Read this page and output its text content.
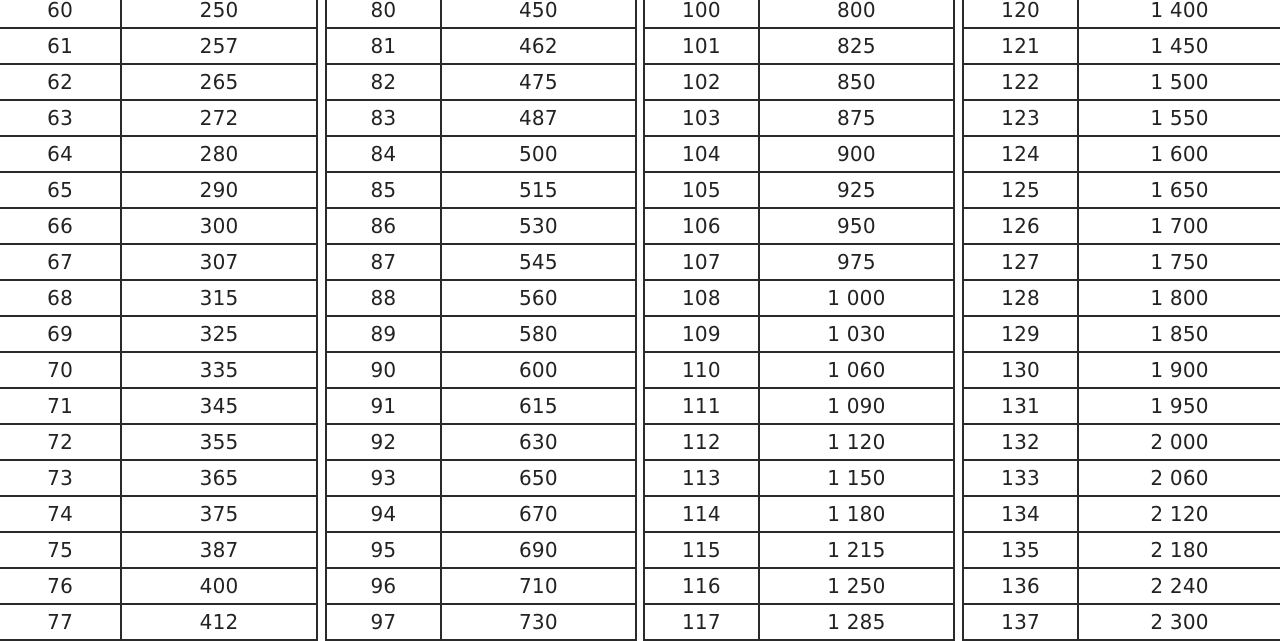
60	250
61	257
62	265
63	272
64	280
65	290
66	300
67	307
68	315
69	325
70	335
71	345
72	355
73	365
74	375
75	387
76	400
77	412
80	450
81	462
82	475
83	487
84	500
85	515
86	530
87	545
88	560
89	580
90	600
91	615
92	630
93	650
94	670
95	690
96	710
97	730
100	800
101	825
102	850
103	875
104	900
105	925
106	950
107	975
108	1 000
109	1 030
110	1 060
111	1 090
112	1 120
113	1 150
114	1 180
115	1 215
116	1 250
117	1 285
120	1 400
121	1 450
122	1 500
123	1 550
124	1 600
125	1 650
126	1 700
127	1 750
128	1 800
129	1 850
130	1 900
131	1 950
132	2 000
133	2 060
134	2 120
135	2 180
136	2 240
137	2 300
